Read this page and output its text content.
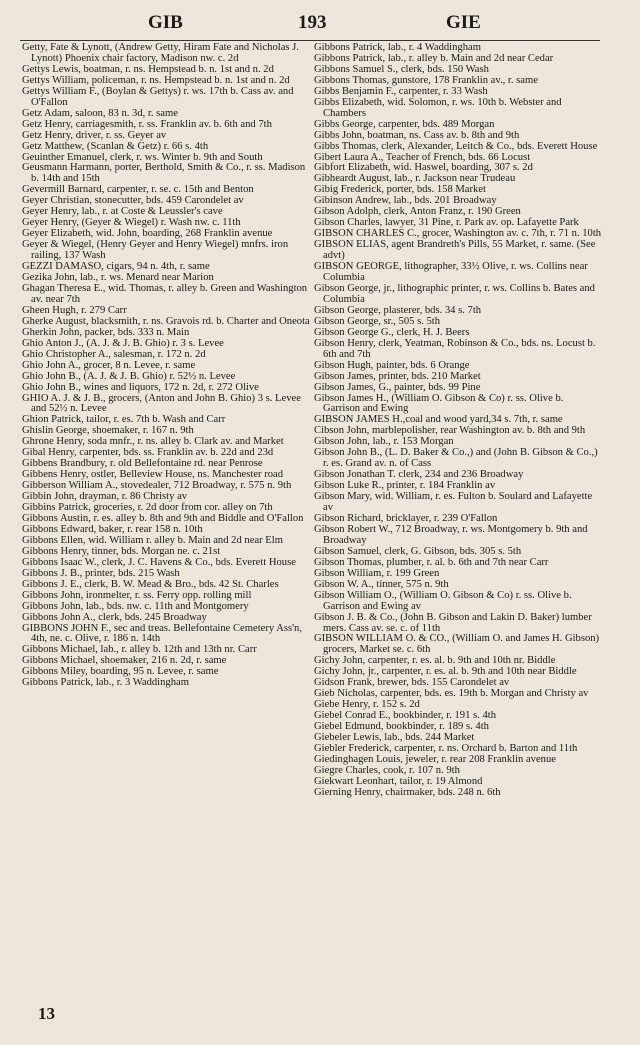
GIB	193	GIE

Getty, Fate & Lynott, (Andrew Getty, Hiram Fate and Nicholas J. Lynott) Phoenix chair factory, Madison nw. c. 2d

Gettys Lewis, boatman, r. ns. Hempstead b. n. 1st and n. 2d

Gettys William, policeman, r. ns. Hempstead b. n. 1st and n. 2d

Gettys William F., (Boylan & Gettys) r. ws. 17th b. Cass av. and O'Fallon

Getz Adam, saloon, 83 n. 3d, r. same

Getz Henry, carriagesmith, r. ss. Franklin av. b. 6th and 7th

Getz Henry, driver, r. ss. Geyer av

Getz Matthew, (Scanlan & Getz) r. 66 s. 4th

Geuinther Emanuel, clerk, r. ws. Winter b. 9th and South

Geusmann Harmann, porter, Berthold, Smith & Co., r. ss. Madison b. 14th and 15th

Gevermill Barnard, carpenter, r. se. c. 15th and Benton

Geyer Christian, stonecutter, bds. 459 Carondelet av

Geyer Henry, lab., r. at Coste & Leussler's cave

Geyer Henry, (Geyer & Wiegel) r. Wash nw. c. 11th

Geyer Elizabeth, wid. John, boarding, 268 Franklin avenue

Geyer & Wiegel, (Henry Geyer and Henry Wiegel) mnfrs. iron railing, 137 Wash

GEZZI DAMASO, cigars, 94 n. 4th, r. same

Gezika John, lab., r. ws. Menard near Marion

Ghagan Theresa E., wid. Thomas, r. alley b. Green and Washington av. near 7th

Gheen Hugh, r. 279 Carr

Gherke August, blacksmith, r. ns. Gravois rd. b. Charter and Oneota

Gherkin John, packer, bds. 333 n. Main

Ghio Anton J., (A. J. & J. B. Ghio) r. 3 s. Levee

Ghio Christopher A., salesman, r. 172 n. 2d

Ghio John A., grocer, 8 n. Levee, r. same

Ghio John B., (A. J. & J. B. Ghio) r. 52½ n. Levee

Ghio John B., wines and liquors, 172 n. 2d, r. 272 Olive

GHIO A. J. & J. B., grocers, (Anton and John B. Ghio) 3 s. Levee and 52½ n. Levee

Ghion Patrick, tailor, r. es. 7th b. Wash and Carr

Ghislin George, shoemaker, r. 167 n. 9th

Ghrone Henry, soda mnfr., r. ns. alley b. Clark av. and Market

Gibal Henry, carpenter, bds. ss. Franklin av. b. 22d and 23d

Gibbens Brandbury, r. old Bellefontaine rd. near Penrose

Gibbens Henry, ostler, Belleview House, ns. Manchester road

Gibberson William A., stovedealer, 712 Broadway, r. 575 n. 9th

Gibbin John, drayman, r. 86 Christy av

Gibbins Patrick, groceries, r. 2d door from cor. alley on 7th

Gibbons Austin, r. es. alley b. 8th and 9th and Biddle and O'Fallon

Gibbons Edward, baker, r. rear 158 n. 10th

Gibbons Ellen, wid. William r. alley b. Main and 2d near Elm

Gibbons Henry, tinner, bds. Morgan ne. c. 21st

Gibbons Isaac W., clerk, J. C. Havens & Co., bds. Everett House

Gibbons J. B., printer, bds. 215 Wash

Gibbons J. E., clerk, B. W. Mead & Bro., bds. 42 St. Charles

Gibbons John, ironmelter, r. ss. Ferry opp. rolling mill

Gibbons John, lab., bds. nw. c. 11th and Montgomery

Gibbons John A., clerk, bds. 245 Broadway

GIBBONS JOHN F., sec and treas. Bellefontaine Cemetery Ass'n, 4th, ne. c. Olive, r. 186 n. 14th

Gibbons Michael, lab., r. alley b. 12th and 13th nr. Carr

Gibbons Michael, shoemaker, 216 n. 2d, r. same

Gibbons Miley, boarding, 95 n. Levee, r. same

Gibbons Patrick, lab., r. 3 Waddingham

Gibbons Patrick, lab., r. 4 Waddingham

Gibbons Patrick, lab., r. alley b. Main and 2d near Cedar

Gibbons Samuel S., clerk, bds. 150 Wash

Gibbons Thomas, gunstore, 178 Franklin av., r. same

Gibbs Benjamin F., carpenter, r. 33 Wash

Gibbs Elizabeth, wid. Solomon, r. ws. 10th b. Webster and Chambers

Gibbs George, carpenter, bds. 489 Morgan

Gibbs John, boatman, ns. Cass av. b. 8th and 9th

Gibbs Thomas, clerk, Alexander, Leitch & Co., bds. Everett House

Gibert Laura A., Teacher of French, bds. 66 Locust

Gibfort Elizabeth, wid. Haswel, boarding, 307 s. 2d

Gibheardt August, lab., r. Jackson near Trudeau

Gibig Frederick, porter, bds. 158 Market

Gibinson Andrew, lab., bds. 201 Broadway

Gibson Adolph, clerk, Anton Franz, r. 190 Green

Gibson Charles, lawyer, 31 Pine, r. Park av. op. Lafayette Park

GIBSON CHARLES C., grocer, Washington av. c. 7th, r. 71 n. 10th

GIBSON ELIAS, agent Brandreth's Pills, 55 Market, r. same. (See advt)

GIBSON GEORGE, lithographer, 33½ Olive, r. ws. Collins near Columbia

Gibson George, jr., lithographic printer, r. ws. Collins b. Bates and Columbia

Gibson George, plasterer, bds. 34 s. 7th

Gibson George, sr., 505 s. 5th

Gibson George G., clerk, H. J. Beers

Gibson Henry, clerk, Yeatman, Robinson & Co., bds. ns. Locust b. 6th and 7th

Gibson Hugh, painter, bds. 6 Orange

Gibson James, printer, bds. 210 Market

Gibson James, G., painter, bds. 99 Pine

Gibson James H., (William O. Gibson & Co) r. ss. Olive b. Garrison and Ewing

GIBSON JAMES H.,coal and wood yard,34 s. 7th, r. same

Cibson John, marblepolisher, rear Washington av. b. 8th and 9th

Gibson John, lab., r. 153 Morgan

Gibson John B., (L. D. Baker & Co.,) and (John B. Gibson & Co.,) r. es. Grand av. n. of Cass

Gibson Jonathan T. clerk, 234 and 236 Broadway

Gibson Luke R., printer, r. 184 Franklin av

Gibson Mary, wid. William, r. es. Fulton b. Soulard and Lafayette av

Gibson Richard, bricklayer, r. 239 O'Fallon

Gibson Robert W., 712 Broadway, r. ws. Montgomery b. 9th and Broadway

Gibson Samuel, clerk, G. Gibson, bds. 305 s. 5th

Gibson Thomas, plumber, r. al. b. 6th and 7th near Carr

Gibson William, r. 199 Green

Gibson W. A., tinner, 575 n. 9th

Gibson William O., (William O. Gibson & Co) r. ss. Olive b. Garrison and Ewing av

Gibson J. B. & Co., (John B. Gibson and Lakin D. Baker) lumber mers. Cass av. se. c. of 11th

GIBSON WILLIAM O. & CO., (William O. and James H. Gibson) grocers, Market se. c. 6th

Gichy John, carpenter, r. es. al. b. 9th and 10th nr. Biddle

Gichy John, jr., carpenter, r. es. al. b. 9th and 10th near Biddle

Gidson Frank, brewer, bds. 155 Carondelet av

Gieb Nicholas, carpenter, bds. es. 19th b. Morgan and Christy av

Giebe Henry, r. 152 s. 2d

Giebel Conrad E., bookbinder, r. 191 s. 4th

Giebel Edmund, bookbinder, r. 189 s. 4th

Giebeler Lewis, lab., bds. 244 Market

Giebler Frederick, carpenter, r. ns. Orchard b. Barton and 11th

Giedinghagen Louis, jeweler, r. rear 208 Franklin avenue

Giegre Charles, cook, r. 107 n. 9th

Giekwart Leonhart, tailor, r. 19 Almond

Gierning Henry, chairmaker, bds. 248 n. 6th

13
